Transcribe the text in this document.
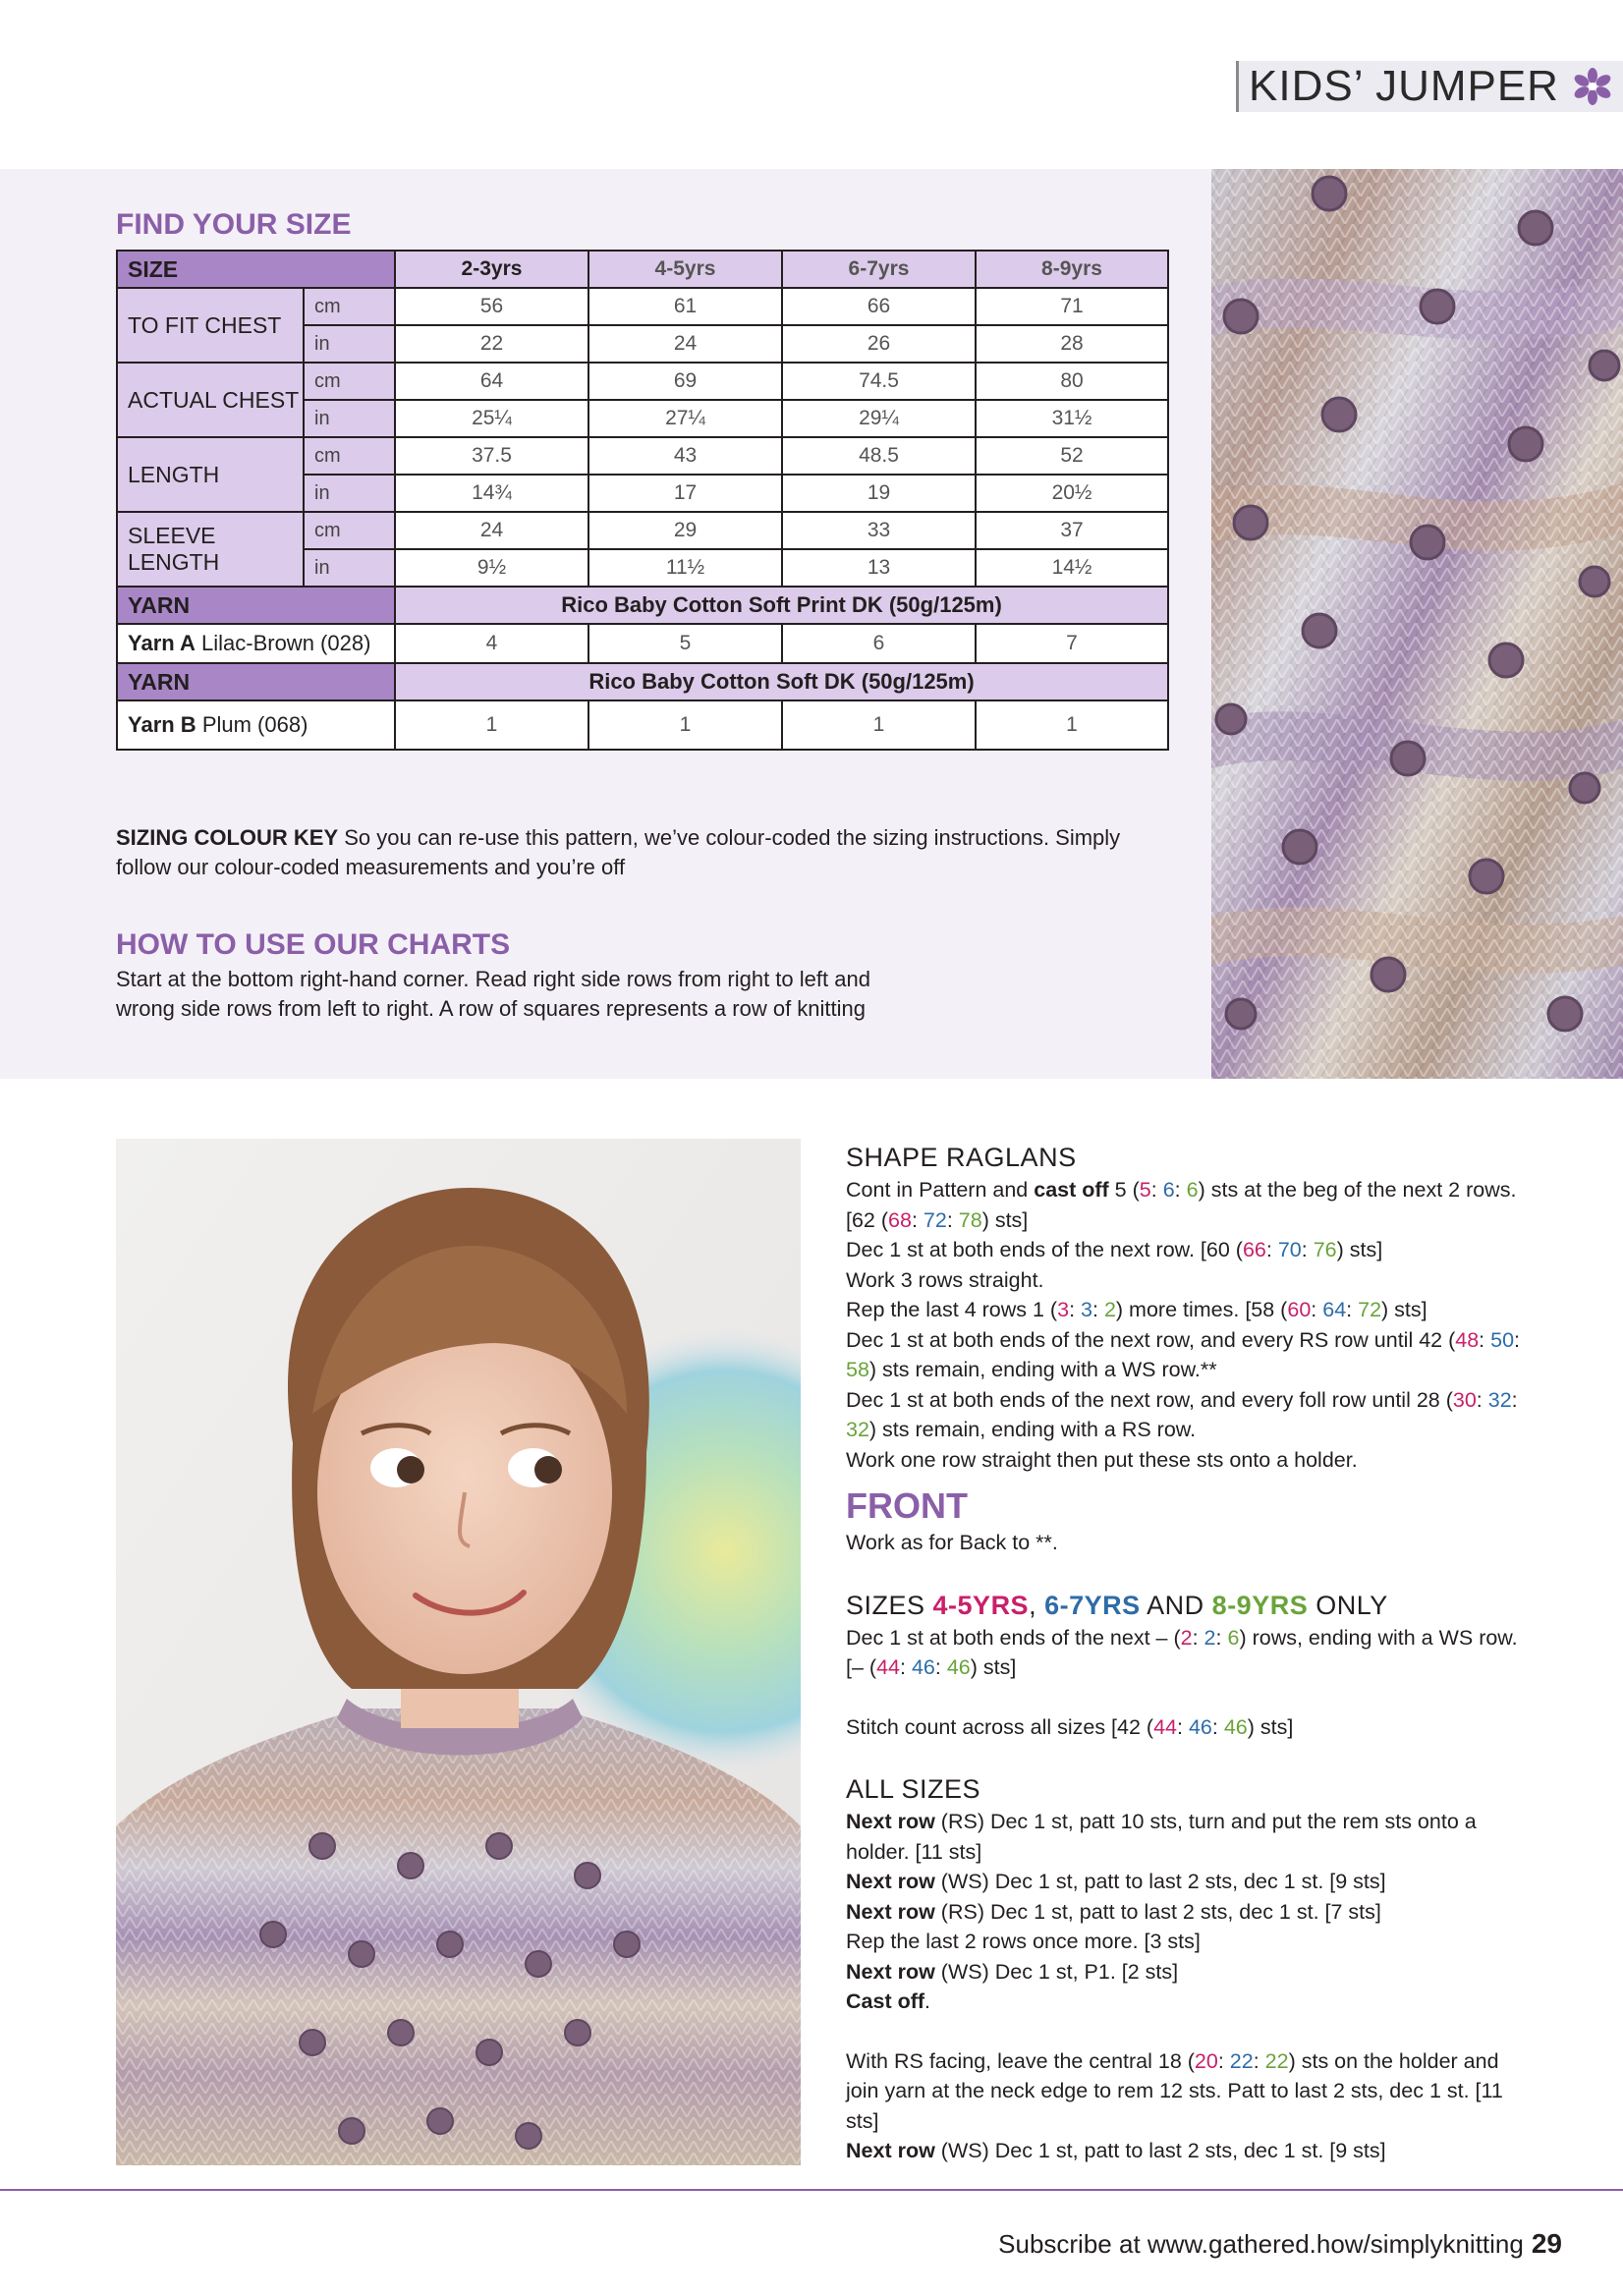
KIDS’ JUMPER
FIND YOUR SIZE
SIZE		2-3yrs	4-5yrs	6-7yrs	8-9yrs
TO FIT CHEST	cm	56	61	66	71
	in	22	24	26	28
ACTUAL CHEST	cm	64	69	74.5	80
	in	25¼	27¼	29¼	31½
LENGTH	cm	37.5	43	48.5	52
	in	14¾	17	19	20½
SLEEVE LENGTH	cm	24	29	33	37
	in	9½	11½	13	14½
YARN		Rico Baby Cotton Soft Print DK (50g/125m)			
Yarn A Lilac-Brown (028)		4	5	6	7
YARN		Rico Baby Cotton Soft DK (50g/125m)			
Yarn B Plum (068)		1	1	1	1

SIZING COLOUR KEY So you can re-use this pattern, we’ve colour-coded the sizing instructions. Simply follow our colour-coded measurements and you’re off

HOW TO USE OUR CHARTS

Start at the bottom right-hand corner. Read right side rows from right to left and wrong side rows from left to right. A row of squares represents a row of knitting

SHAPE RAGLANS

Cont in Pattern and cast off 5 (5: 6: 6) sts at the beg of the next 2 rows. [62 (68: 72: 78) sts]

Dec 1 st at both ends of the next row. [60 (66: 70: 76) sts]

Work 3 rows straight.

Rep the last 4 rows 1 (3: 3: 2) more times. [58 (60: 64: 72) sts]

Dec 1 st at both ends of the next row, and every RS row until 42 (48: 50: 58) sts remain, ending with a WS row.**

Dec 1 st at both ends of the next row, and every foll row until 28 (30: 32: 32) sts remain, ending with a RS row.

Work one row straight then put these sts onto a holder.

FRONT

Work as for Back to **.

SIZES 4-5YRS, 6-7YRS AND 8-9YRS ONLY

Dec 1 st at both ends of the next – (2: 2: 6) rows, ending with a WS row.  [– (44: 46: 46) sts]

Stitch count across all sizes [42 (44: 46: 46) sts]

ALL SIZES

Next row (RS) Dec 1 st, patt 10 sts, turn and put the rem sts onto a holder. [11 sts]

Next row (WS) Dec 1 st, patt to last 2 sts, dec 1 st. [9 sts]

Next row (RS) Dec 1 st, patt to last 2 sts, dec 1 st. [7 sts]

Rep the last 2 rows once more. [3 sts]

Next row (WS) Dec 1 st, P1. [2 sts]

Cast off.

With RS facing, leave the central 18 (20: 22: 22) sts on the holder and join yarn at the neck edge to rem 12 sts. Patt to last 2 sts, dec 1 st. [11 sts]

Next row (WS) Dec 1 st, patt to last 2 sts, dec 1 st. [9 sts]

Subscribe at www.gathered.how/simplyknitting 29
